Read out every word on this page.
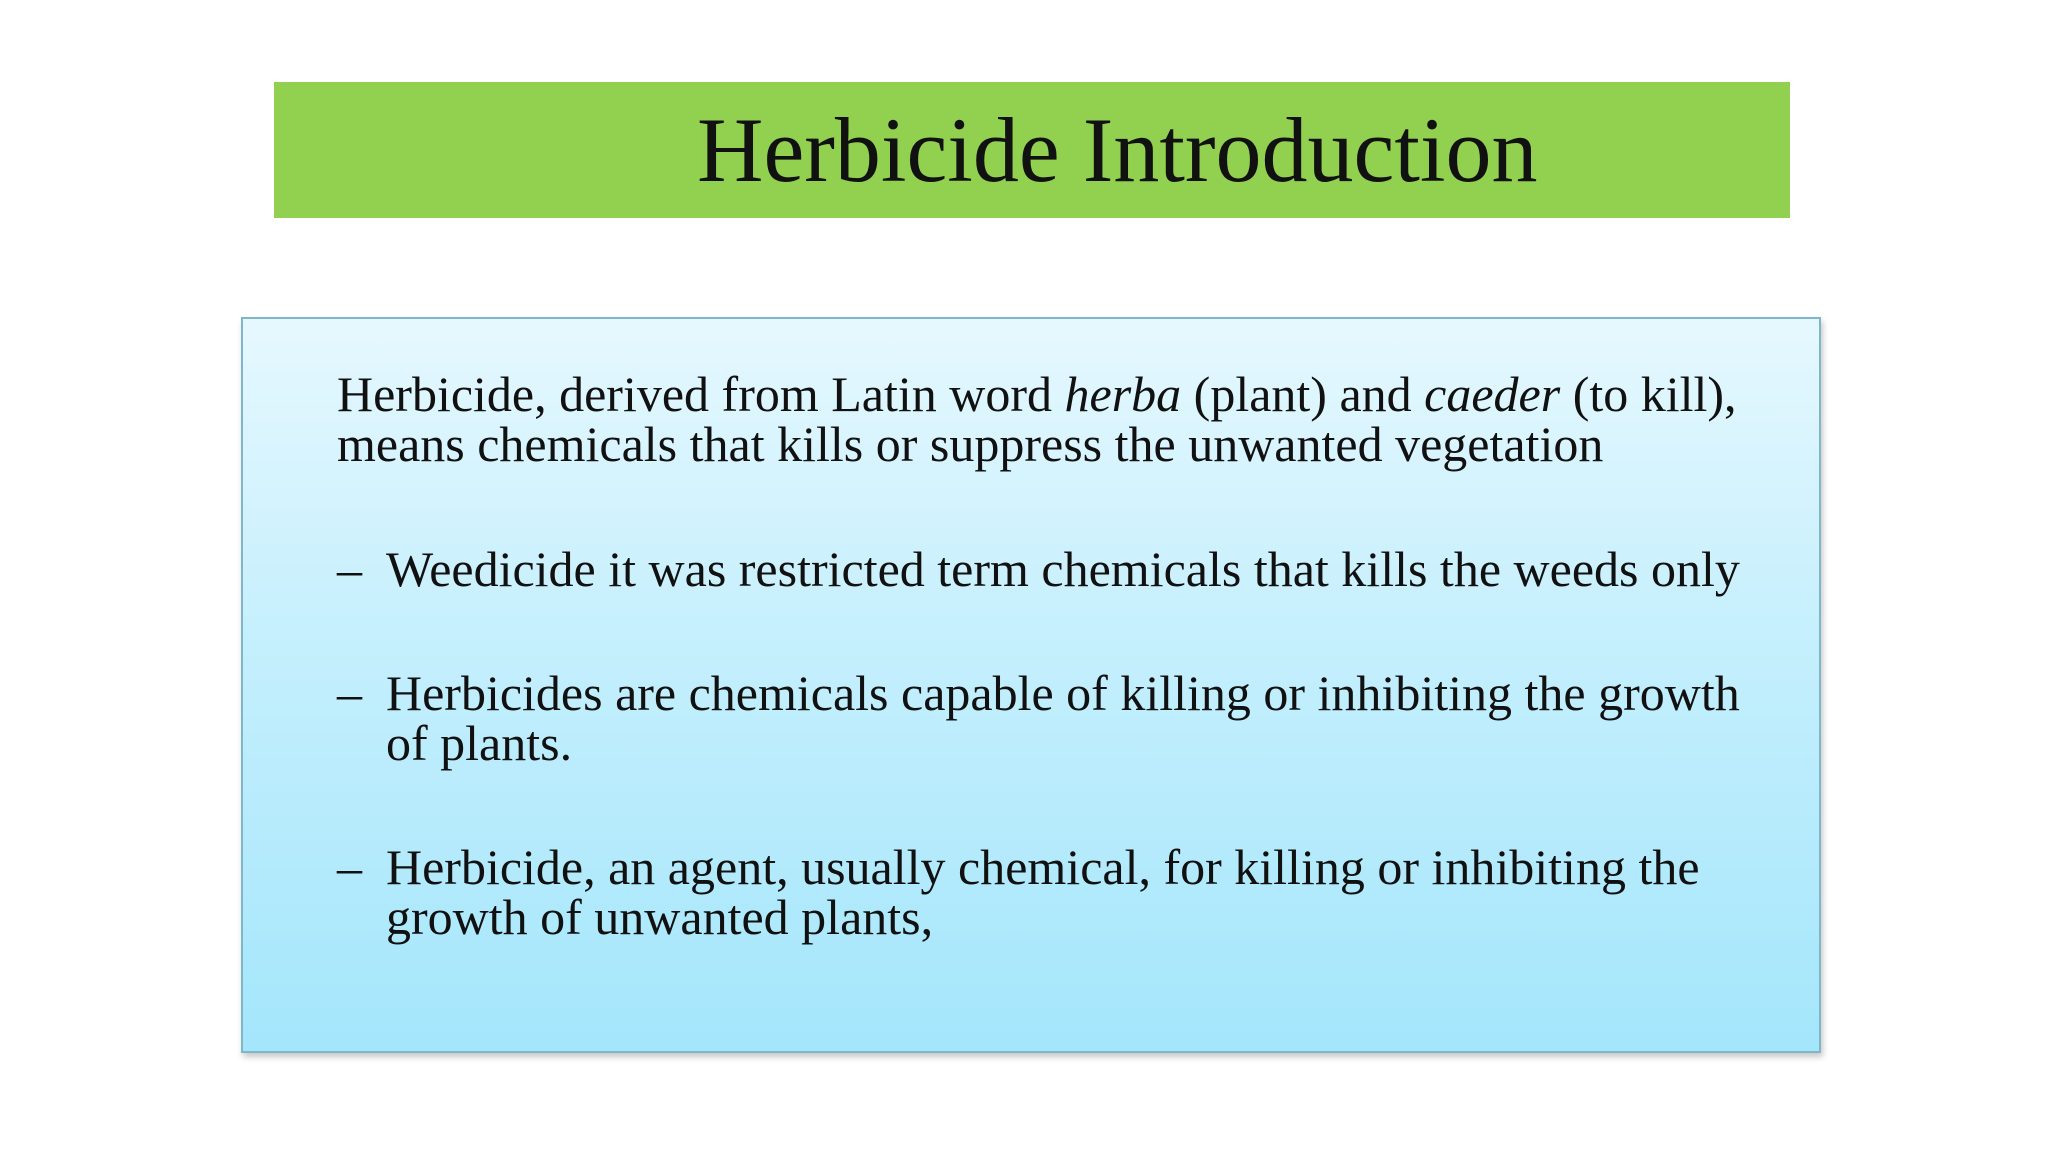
Herbicide Introduction

Herbicide, derived from Latin word herba (plant) and caeder (to kill),
means chemicals that kills or suppress the unwanted vegetation

– Weedicide it was restricted term chemicals that kills the weeds only
– Herbicides are chemicals capable of killing or inhibiting the growth
of plants.
– Herbicide, an agent, usually chemical, for killing or inhibiting the
growth of unwanted plants,
